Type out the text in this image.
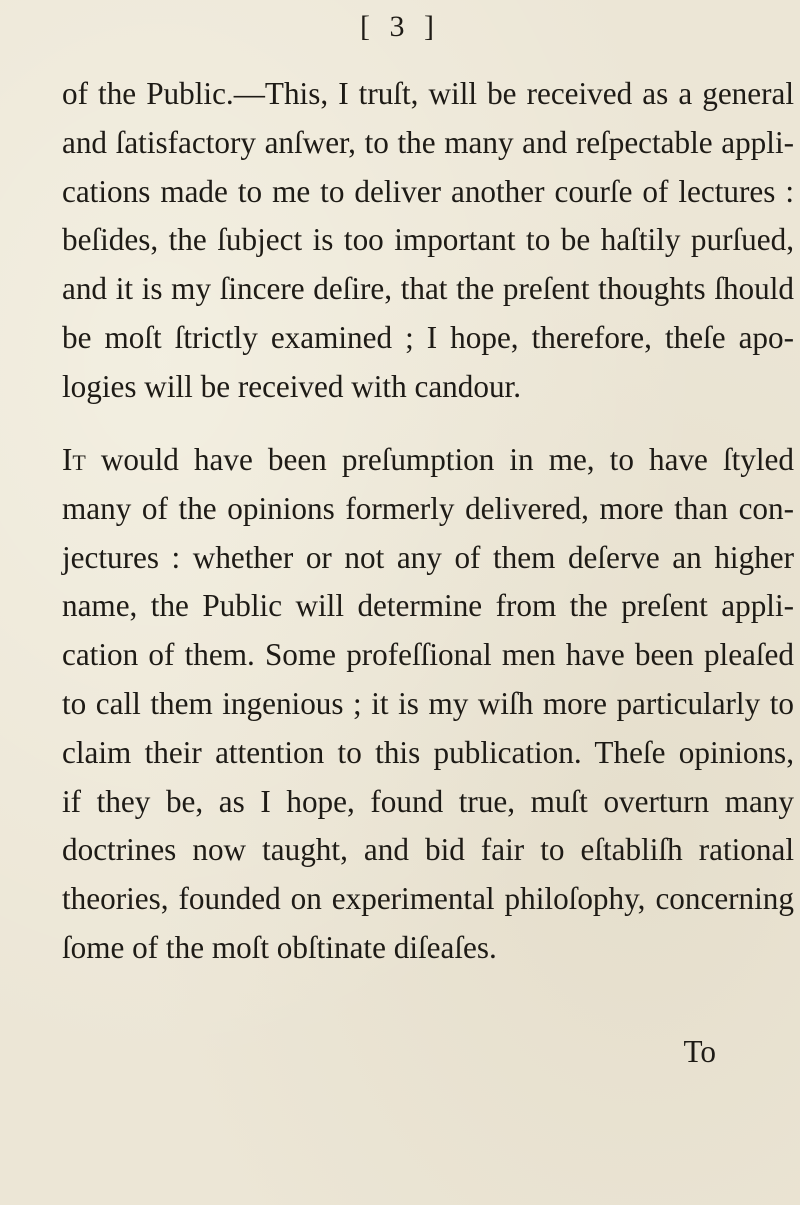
[ 3 ]
of the Public.—This, I truſt, will be received as a general
and ſatisfactory anſwer, to the many and reſpectable appli-
cations made to me to deliver another courſe of lectures :
beſides, the ſubject is too important to be haſtily purſued,
and it is my ſincere deſire, that the preſent thoughts ſhould
be moſt ſtrictly examined ; I hope, therefore, theſe apo-
logies will be received with candour.
It would have been preſumption in me, to have ſtyled
many of the opinions formerly delivered, more than con-
jectures : whether or not any of them deſerve an higher
name, the Public will determine from the preſent appli-
cation of them. Some profeſſional men have been pleaſed
to call them ingenious ; it is my wiſh more particularly to
claim their attention to this publication. Theſe opinions,
if they be, as I hope, found true, muſt overturn many
doctrines now taught, and bid fair to eſtabliſh rational
theories, founded on experimental philoſophy, concerning
ſome of the moſt obſtinate diſeaſes.
To
